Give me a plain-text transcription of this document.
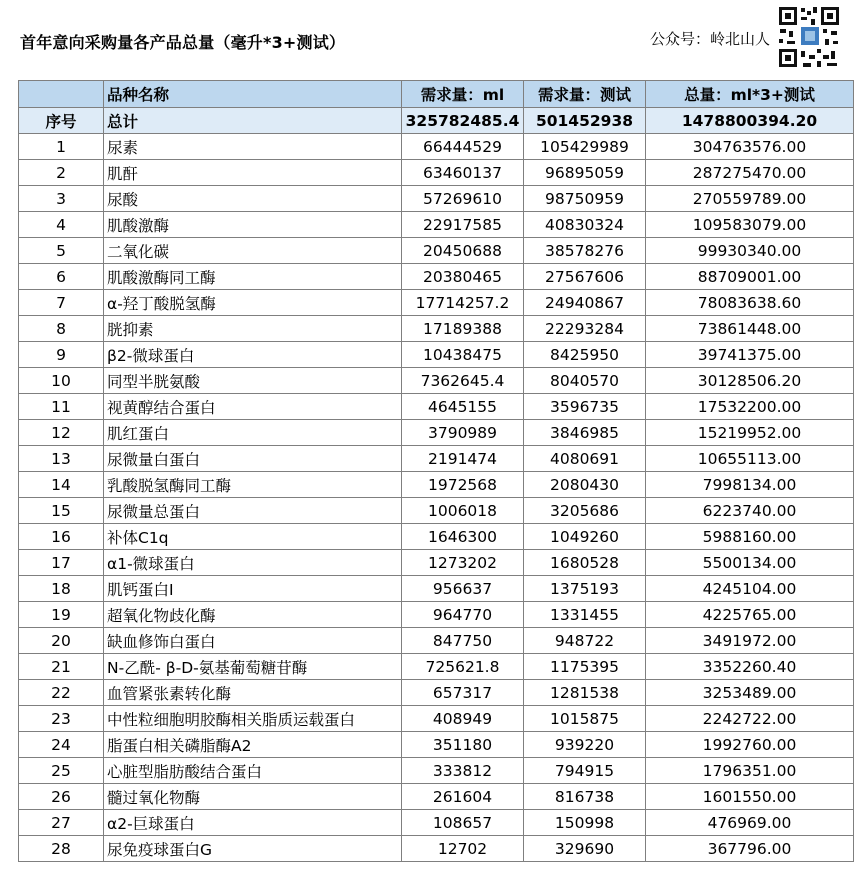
首年意向采购量各产品总量（毫升*3+测试）	公众号：岭北山人
	品种名称	需求量：ml	需求量：测试	总量：ml*3+测试
序号	总计	325782485.4	501452938	1478800394.20
1	尿素	66444529	105429989	304763576.00
2	肌酐	63460137	96895059	287275470.00
3	尿酸	57269610	98750959	270559789.00
4	肌酸激酶	22917585	40830324	109583079.00
5	二氧化碳	20450688	38578276	99930340.00
6	肌酸激酶同工酶	20380465	27567606	88709001.00
7	α-羟丁酸脱氢酶	17714257.2	24940867	78083638.60
8	胱抑素	17189388	22293284	73861448.00
9	β2-微球蛋白	10438475	8425950	39741375.00
10	同型半胱氨酸	7362645.4	8040570	30128506.20
11	视黄醇结合蛋白	4645155	3596735	17532200.00
12	肌红蛋白	3790989	3846985	15219952.00
13	尿微量白蛋白	2191474	4080691	10655113.00
14	乳酸脱氢酶同工酶	1972568	2080430	7998134.00
15	尿微量总蛋白	1006018	3205686	6223740.00
16	补体C1q	1646300	1049260	5988160.00
17	α1-微球蛋白	1273202	1680528	5500134.00
18	肌钙蛋白I	956637	1375193	4245104.00
19	超氧化物歧化酶	964770	1331455	4225765.00
20	缺血修饰白蛋白	847750	948722	3491972.00
21	N-乙酰- β-D-氨基葡萄糖苷酶	725621.8	1175395	3352260.40
22	血管紧张素转化酶	657317	1281538	3253489.00
23	中性粒细胞明胶酶相关脂质运载蛋白	408949	1015875	2242722.00
24	脂蛋白相关磷脂酶A2	351180	939220	1992760.00
25	心脏型脂肪酸结合蛋白	333812	794915	1796351.00
26	髓过氧化物酶	261604	816738	1601550.00
27	α2-巨球蛋白	108657	150998	476969.00
28	尿免疫球蛋白G	12702	329690	367796.00
